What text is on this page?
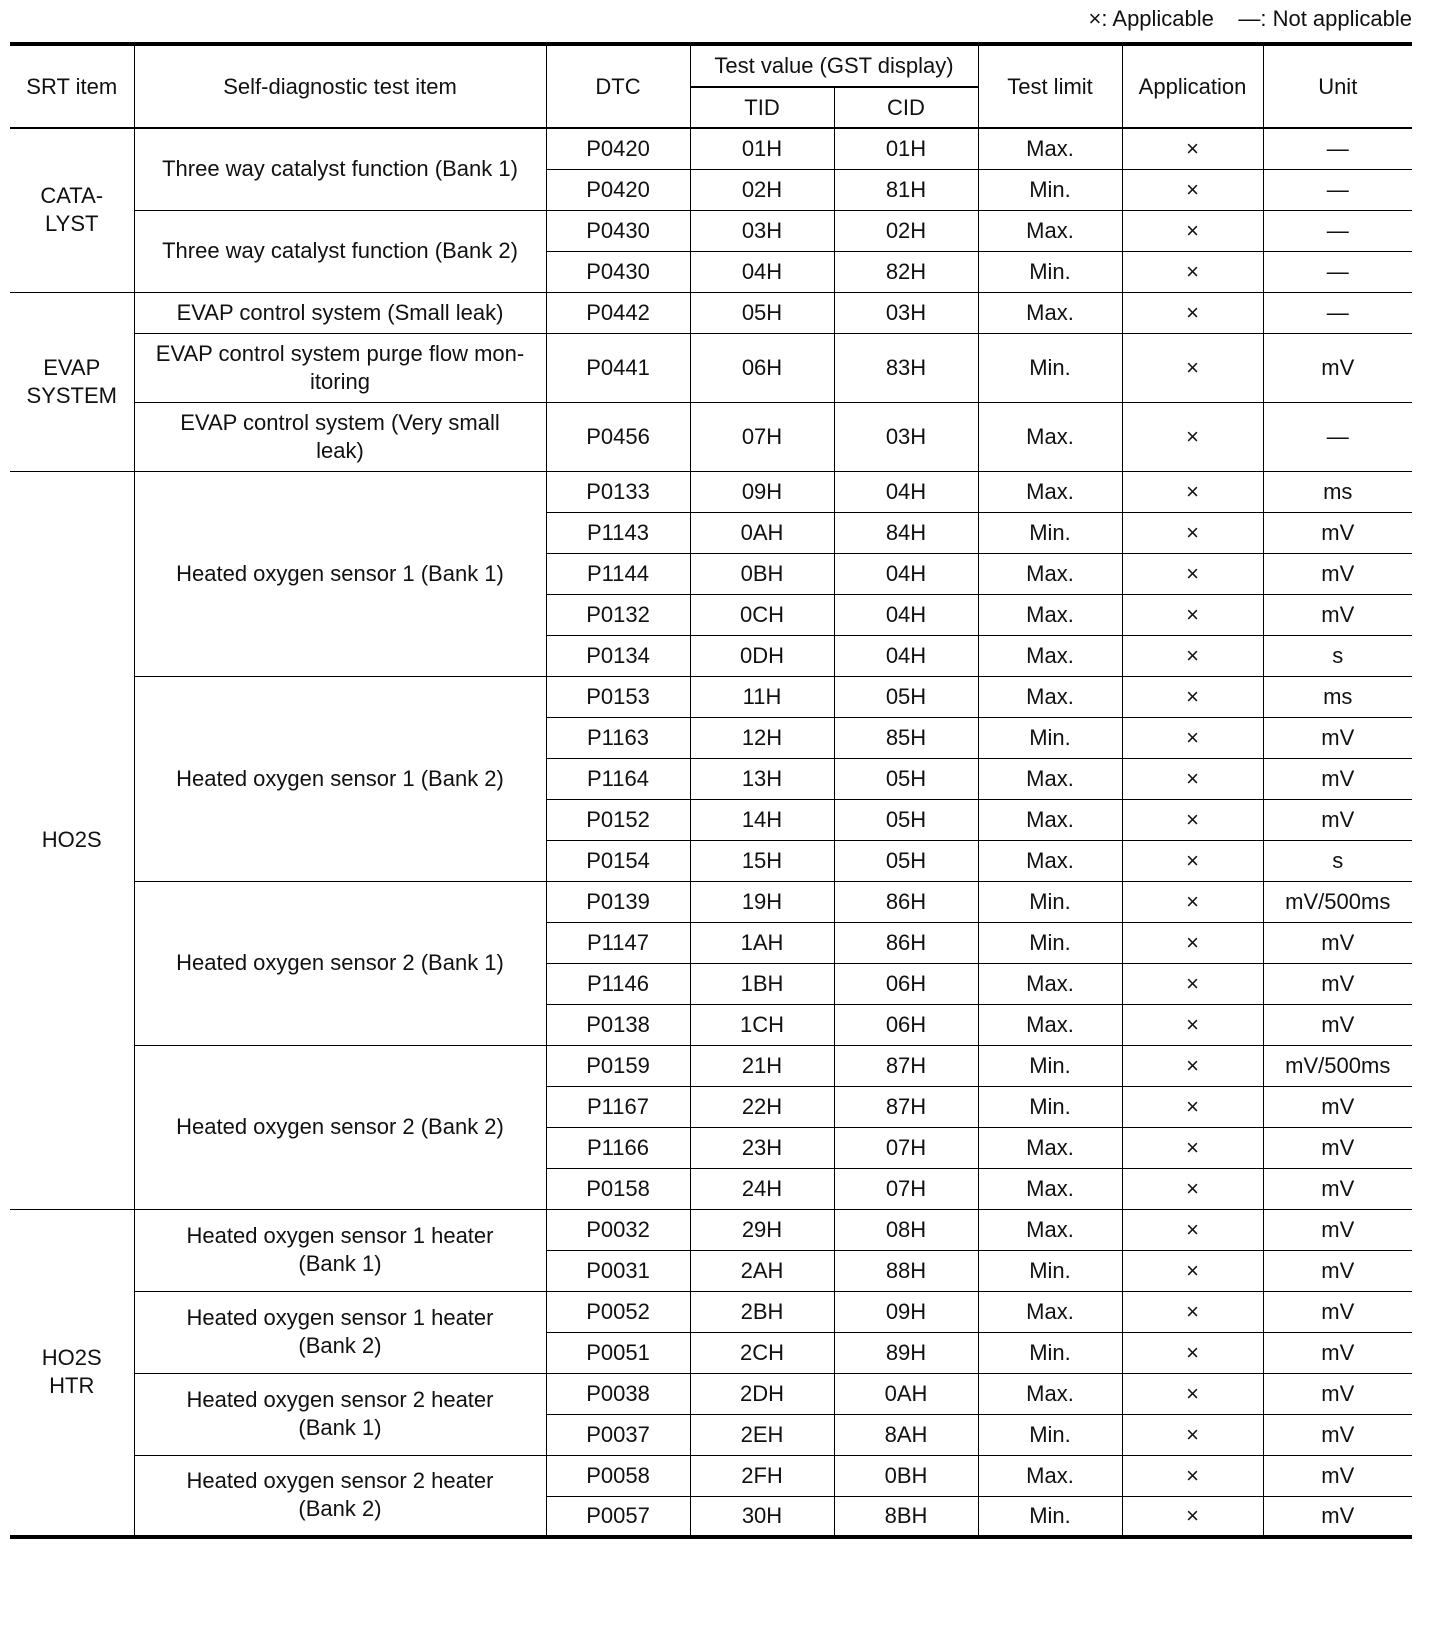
×: Applicable    —: Not applicable
SRT item	Self-diagnostic test item	DTC	Test value (GST display)		Test limit	Application	Unit
			TID	CID			
CATA-
LYST	Three way catalyst function (Bank 1)	P0420	01H	01H	Max.	×	—
		P0420	02H	81H	Min.	×	—
	Three way catalyst function (Bank 2)	P0430	03H	02H	Max.	×	—
		P0430	04H	82H	Min.	×	—
EVAP
SYSTEM	EVAP control system (Small leak)	P0442	05H	03H	Max.	×	—
	EVAP control system purge flow mon-
itoring	P0441	06H	83H	Min.	×	mV
	EVAP control system (Very small
leak)	P0456	07H	03H	Max.	×	—
HO2S	Heated oxygen sensor 1 (Bank 1)	P0133	09H	04H	Max.	×	ms
		P1143	0AH	84H	Min.	×	mV
		P1144	0BH	04H	Max.	×	mV
		P0132	0CH	04H	Max.	×	mV
		P0134	0DH	04H	Max.	×	s
	Heated oxygen sensor 1 (Bank 2)	P0153	11H	05H	Max.	×	ms
		P1163	12H	85H	Min.	×	mV
		P1164	13H	05H	Max.	×	mV
		P0152	14H	05H	Max.	×	mV
		P0154	15H	05H	Max.	×	s
	Heated oxygen sensor 2 (Bank 1)	P0139	19H	86H	Min.	×	mV/500ms
		P1147	1AH	86H	Min.	×	mV
		P1146	1BH	06H	Max.	×	mV
		P0138	1CH	06H	Max.	×	mV
	Heated oxygen sensor 2 (Bank 2)	P0159	21H	87H	Min.	×	mV/500ms
		P1167	22H	87H	Min.	×	mV
		P1166	23H	07H	Max.	×	mV
		P0158	24H	07H	Max.	×	mV
HO2S
HTR	Heated oxygen sensor 1 heater
(Bank 1)	P0032	29H	08H	Max.	×	mV
		P0031	2AH	88H	Min.	×	mV
	Heated oxygen sensor 1 heater
(Bank 2)	P0052	2BH	09H	Max.	×	mV
		P0051	2CH	89H	Min.	×	mV
	Heated oxygen sensor 2 heater
(Bank 1)	P0038	2DH	0AH	Max.	×	mV
		P0037	2EH	8AH	Min.	×	mV
	Heated oxygen sensor 2 heater
(Bank 2)	P0058	2FH	0BH	Max.	×	mV
		P0057	30H	8BH	Min.	×	mV
